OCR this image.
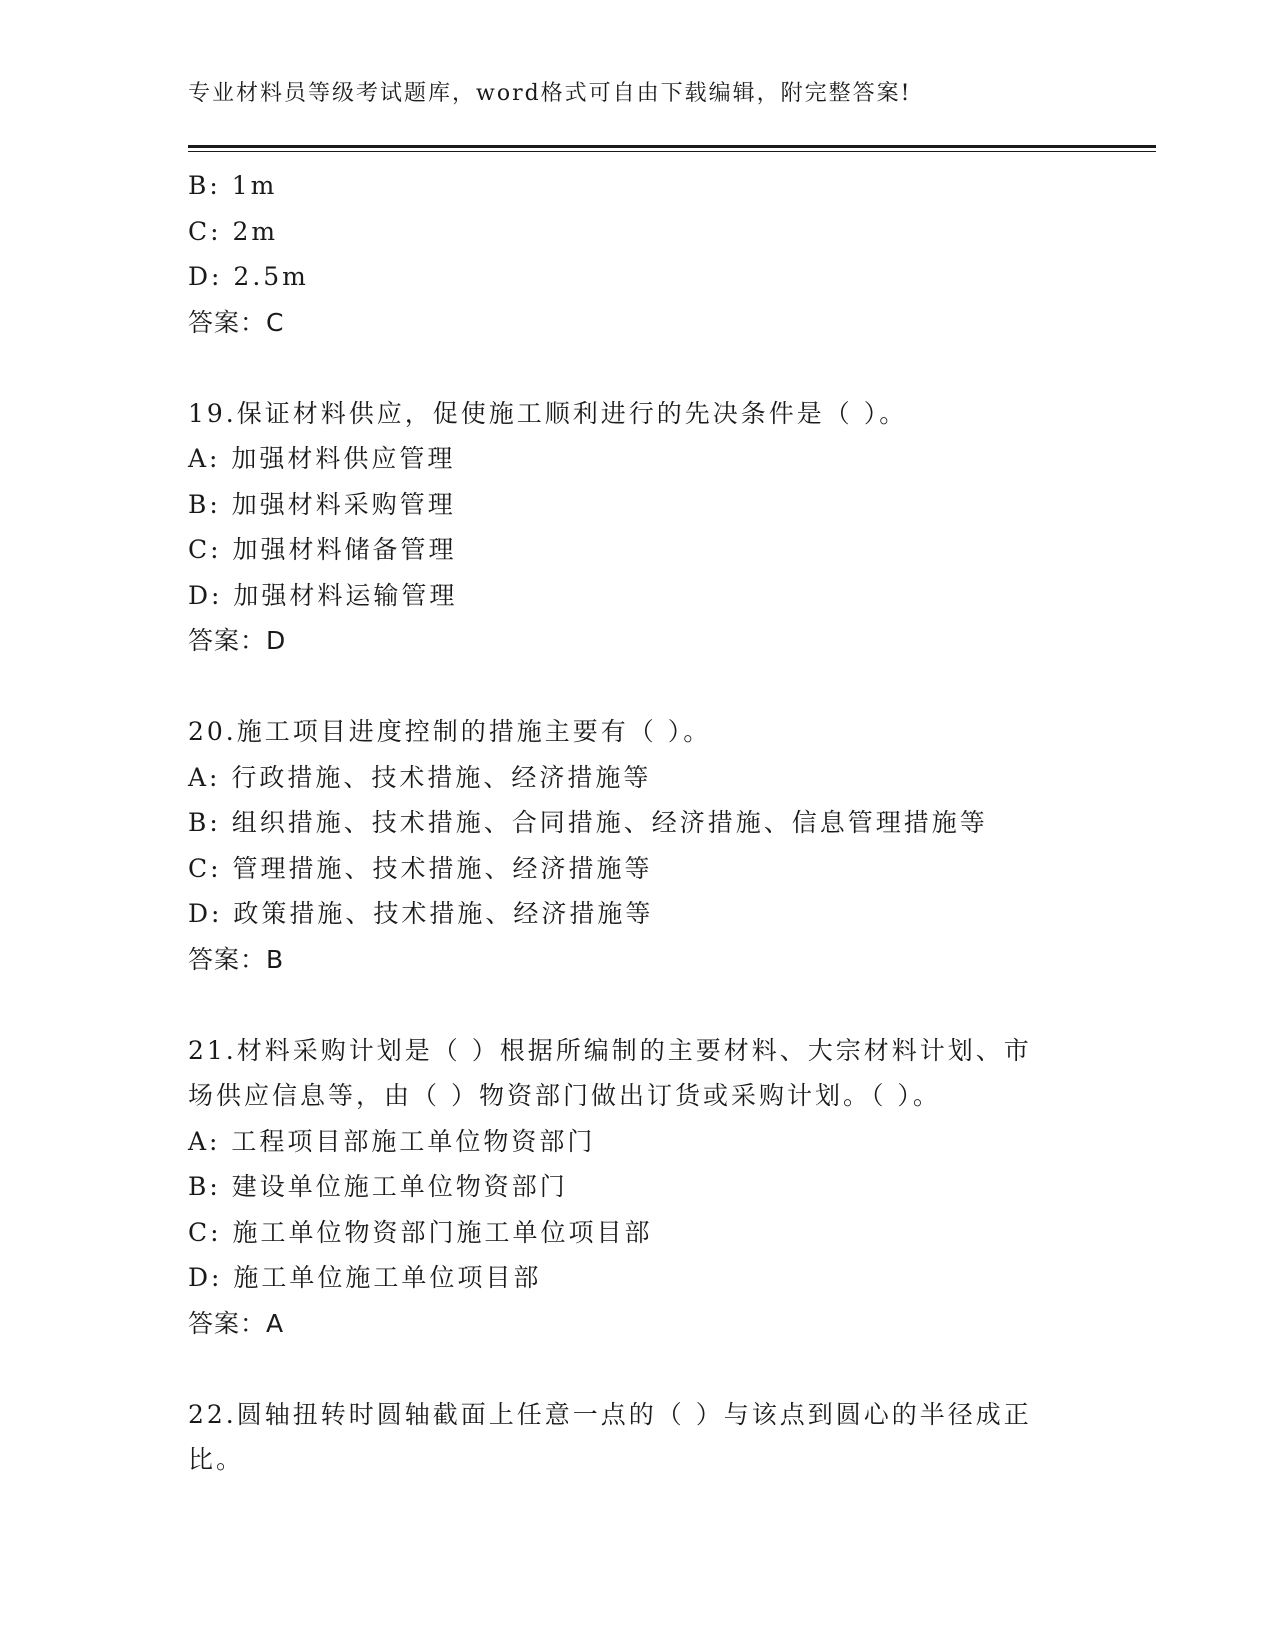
专业材料员等级考试题库，word格式可自由下载编辑，附完整答案!
B: 1m
C: 2m
D: 2.5m
答案：C
19.保证材料供应，促使施工顺利进行的先决条件是（ ）。
A: 加强材料供应管理
B: 加强材料采购管理
C: 加强材料储备管理
D: 加强材料运输管理
答案：D
20.施工项目进度控制的措施主要有（ ）。
A: 行政措施、技术措施、经济措施等
B: 组织措施、技术措施、合同措施、经济措施、信息管理措施等
C: 管理措施、技术措施、经济措施等
D: 政策措施、技术措施、经济措施等
答案：B
21.材料采购计划是（ ）根据所编制的主要材料、大宗材料计划、市
场供应信息等，由（ ）物资部门做出订货或采购计划。（ ）。
A: 工程项目部施工单位物资部门
B: 建设单位施工单位物资部门
C: 施工单位物资部门施工单位项目部
D: 施工单位施工单位项目部
答案：A
22.圆轴扭转时圆轴截面上任意一点的（ ）与该点到圆心的半径成正
比。
